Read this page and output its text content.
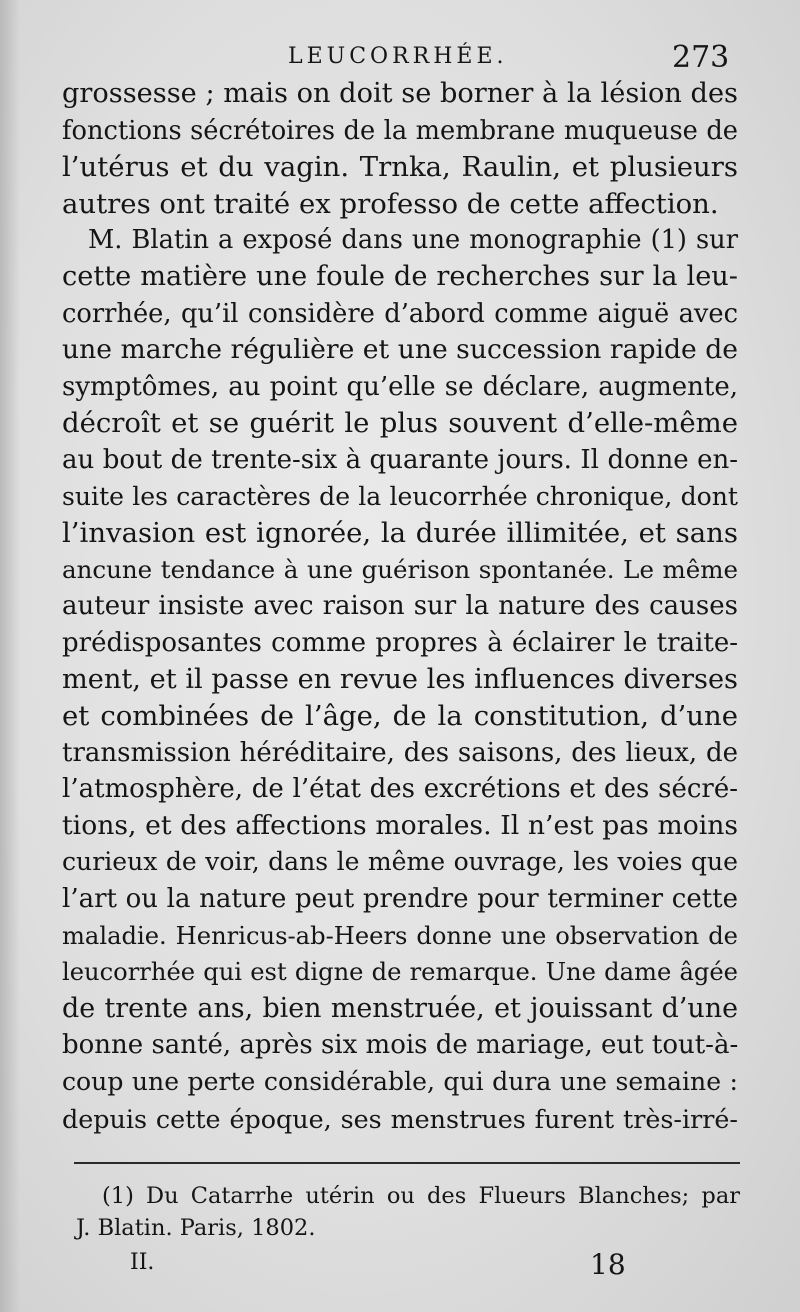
LEUCORRHÉE.	273
grossesse ; mais on doit se borner à la lésion des
fonctions sécrétoires de la membrane muqueuse de
l’utérus et du vagin. Trnka, Raulin, et plusieurs
autres ont traité ex professo de cette affection.
M. Blatin a exposé dans une monographie (1) sur
cette matière une foule de recherches sur la leu-
corrhée, qu’il considère d’abord comme aiguë avec
une marche régulière et une succession rapide de
symptômes, au point qu’elle se déclare, augmente,
décroît et se guérit le plus souvent d’elle-même
au bout de trente-six à quarante jours. Il donne en-
suite les caractères de la leucorrhée chronique, dont
l’invasion est ignorée, la durée illimitée, et sans
ancune tendance à une guérison spontanée. Le même
auteur insiste avec raison sur la nature des causes
prédisposantes comme propres à éclairer le traite-
ment, et il passe en revue les influences diverses
et combinées de l’âge, de la constitution, d’une
transmission héréditaire, des saisons, des lieux, de
l’atmosphère, de l’état des excrétions et des sécré-
tions, et des affections morales. Il n’est pas moins
curieux de voir, dans le même ouvrage, les voies que
l’art ou la nature peut prendre pour terminer cette
maladie. Henricus-ab-Heers donne une observation de
leucorrhée qui est digne de remarque. Une dame âgée
de trente ans, bien menstruée, et jouissant d’une
bonne santé, après six mois de mariage, eut tout-à-
coup une perte considérable, qui dura une semaine :
depuis cette époque, ses menstrues furent très-irré-
(1) Du Catarrhe utérin ou des Flueurs Blanches; par
J. Blatin. Paris, 1802.
II.	18
